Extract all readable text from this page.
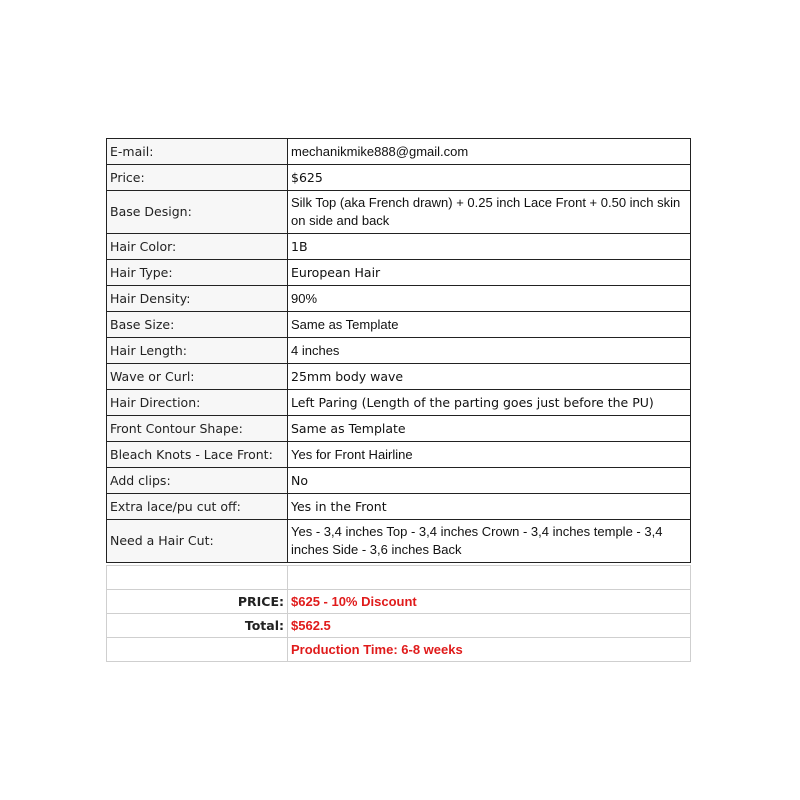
E-mail:	mechanikmike888@gmail.com
Price:	$625
Base Design:	Silk Top (aka French drawn) + 0.25 inch Lace Front + 0.50 inch skin on side and back
Hair Color:	1B
Hair Type:	European Hair
Hair Density:	90%
Base Size:	Same as Template
Hair Length:	4 inches
Wave or Curl:	25mm body wave
Hair Direction:	Left Paring (Length of the parting goes just before the PU)
Front Contour Shape:	Same as Template
Bleach Knots - Lace Front:	Yes for Front Hairline
Add clips:	No
Extra lace/pu cut off:	Yes in the Front
Need a Hair Cut:	Yes - 3,4 inches Top - 3,4 inches Crown - 3,4 inches temple - 3,4 inches Side - 3,6 inches Back

PRICE:	$625 - 10% Discount
Total:	$562.5
	Production Time: 6-8 weeks
